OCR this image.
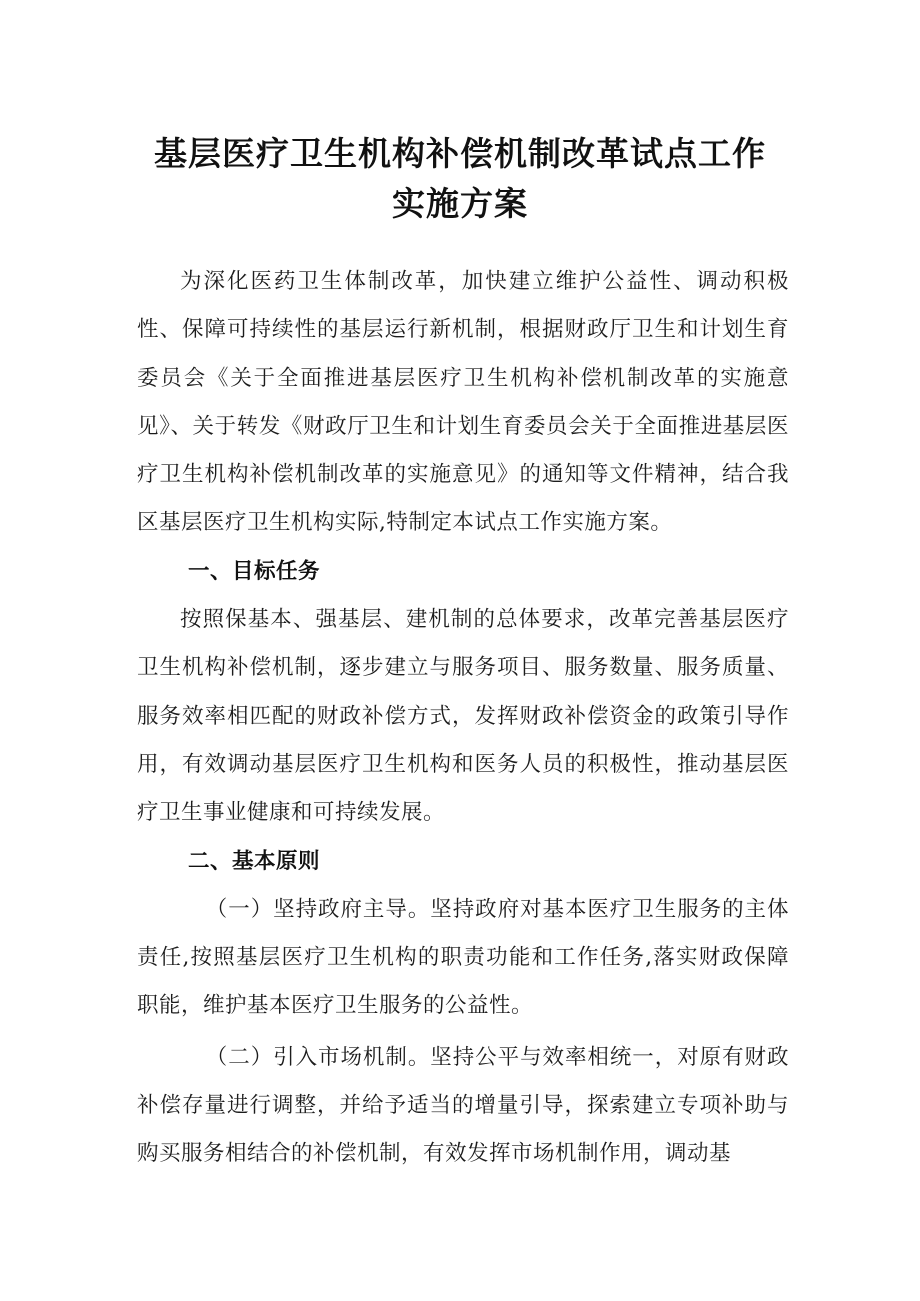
基层医疗卫生机构补偿机制改革试点工作
实施方案

为深化医药卫生体制改革，加快建立维护公益性、调动积极性、保障可持续性的基层运行新机制，根据财政厅卫生和计划生育委员会《关于全面推进基层医疗卫生机构补偿机制改革的实施意见》、关于转发《财政厅卫生和计划生育委员会关于全面推进基层医疗卫生机构补偿机制改革的实施意见》的通知等文件精神，结合我区基层医疗卫生机构实际,特制定本试点工作实施方案。

一、目标任务

按照保基本、强基层、建机制的总体要求，改革完善基层医疗卫生机构补偿机制，逐步建立与服务项目、服务数量、服务质量、服务效率相匹配的财政补偿方式，发挥财政补偿资金的政策引导作用，有效调动基层医疗卫生机构和医务人员的积极性，推动基层医疗卫生事业健康和可持续发展。

二、基本原则

（一）坚持政府主导。坚持政府对基本医疗卫生服务的主体责任,按照基层医疗卫生机构的职责功能和工作任务,落实财政保障职能，维护基本医疗卫生服务的公益性。

（二）引入市场机制。坚持公平与效率相统一，对原有财政补偿存量进行调整，并给予适当的增量引导，探索建立专项补助与购买服务相结合的补偿机制，有效发挥市场机制作用，调动基
